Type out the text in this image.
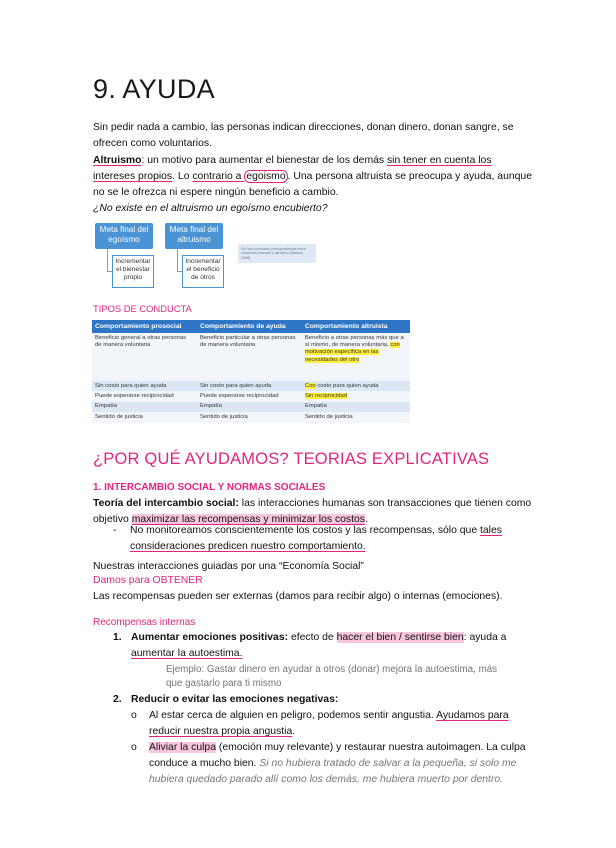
9. AYUDA
Sin pedir nada a cambio, las personas indican direcciones, donan dinero, donan sangre, se
ofrecen como voluntarios.
Altruismo: un motivo para aumentar el bienestar de los demás sin tener en cuenta los
intereses propios. Lo contrario a egoismo . Una persona altruista se preocupa y ayuda, aunque
no se le ofrezca ni espere ningún beneficio a cambio.
¿No existe en el altruismo un egoísmo encubierto?
Meta final del egoísmo
Incrementar el bienestar propio
Meta final del altruismo
Incrementar el beneficio de otros
No hay necesaria correspondencia entre conducta prosocial y altruismo (Batson, 1998).
TIPOS DE CONDUCTA
Comportamiento prosocial	Comportamiento de ayuda	Comportamiento altruista
Beneficio general a otras personas de manera voluntaria	Beneficio particular a otras personas de manera voluntaria	Beneficio a otras personas más que a sí mismo, de manera voluntaria, con motivación específica en las necesidades del otro
Sin costo para quien ayuda	Sin costo para quien ayuda	Con costo para quien ayuda
Puede esperarse reciprocidad	Puede esperarse reciprocidad	Sin reciprocidad
Empatía	Empatía	Empatía
Sentido de justicia	Sentido de justicia	Sentido de justicia
¿POR QUÉ AYUDAMOS? TEORIAS EXPLICATIVAS
1. INTERCAMBIO SOCIAL Y NORMAS SOCIALES
Teoría del intercambio social: las interacciones humanas son transacciones que tienen como
objetivo maximizar las recompensas y minimizar los costos.
- No monitoreamos conscientemente los costos y las recompensas, sólo que tales
consideraciones predicen nuestro comportamiento.
Nuestras interacciones guiadas por una “Economía Social”
Damos para OBTENER
Las recompensas pueden ser externas (damos para recibir algo) o internas (emociones).
Recompensas internas
1. Aumentar emociones positivas: efecto de hacer el bien / sentirse bien: ayuda a
aumentar la autoestima.
Ejemplo: Gastar dinero en ayudar a otros (donar) mejora la autoestima, más
que gastarlo para ti mismo
2. Reducir o evitar las emociones negativas:
o Al estar cerca de alguien en peligro, podemos sentir angustia. Ayudamos para
reducir nuestra propia angustia.
o Aliviar la culpa (emoción muy relevante) y restaurar nuestra autoimagen. La culpa
conduce a mucho bien. Si no hubiera tratado de salvar a la pequeña, si solo me
hubiera quedado parado allí como los demás, me hubiera muerto por dentro.
